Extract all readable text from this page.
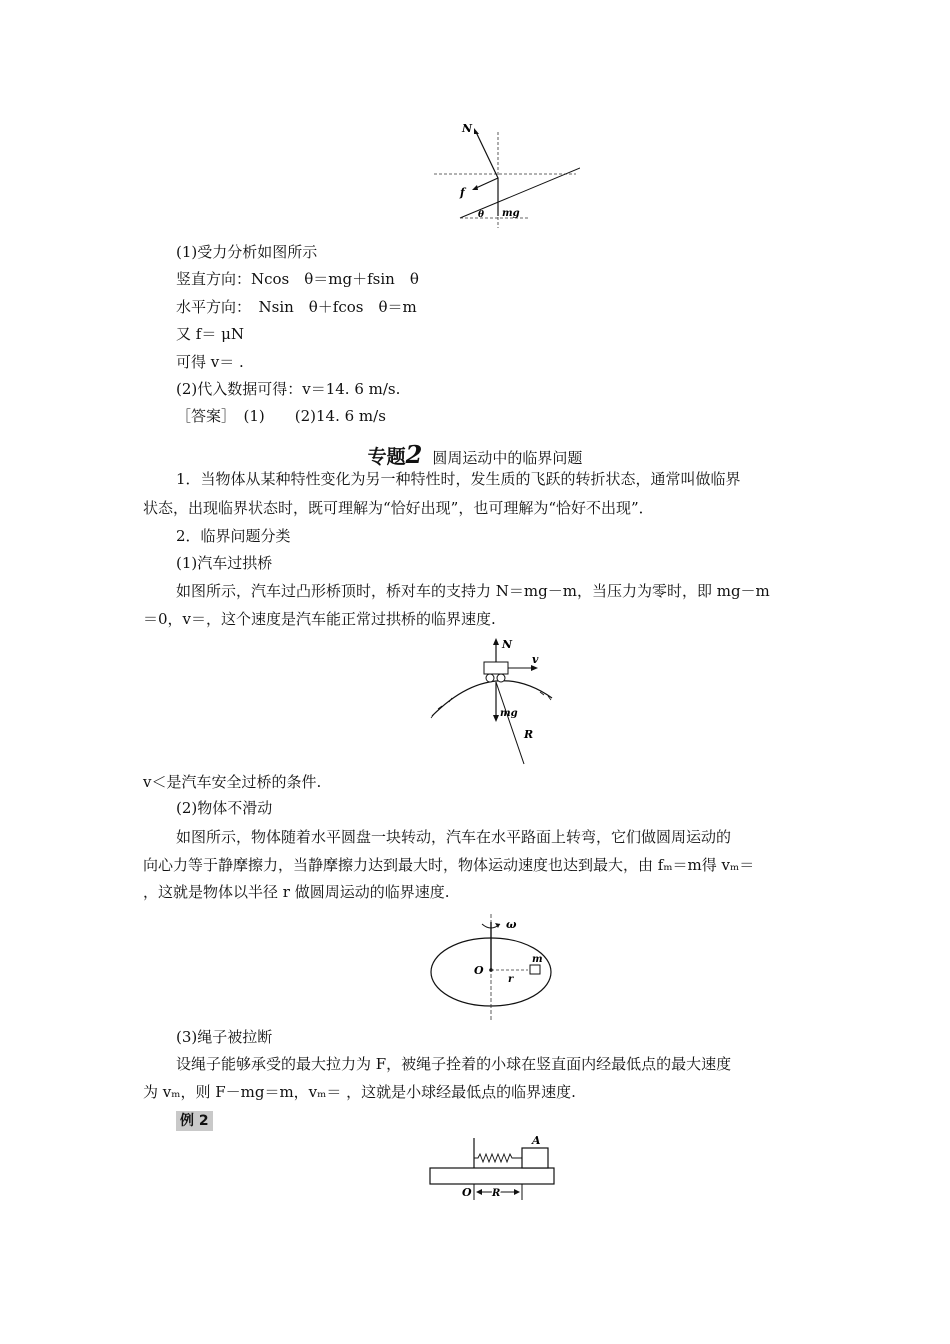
N
f
mg
θ
(1)受力分析如图所示
竖直方向：Ncos　θ＝mg＋fsin　θ
水平方向：　Nsin　θ＋fcos　θ＝m
又 f＝ μN
可得 v＝ .
(2)代入数据可得：v＝14. 6 m/s.
［答案］　(1)　　(2)14. 6 m/s
专题2 圆周运动中的临界问题
1．当物体从某种特性变化为另一种特性时，发生质的飞跃的转折状态，通常叫做临界
状态，出现临界状态时，既可理解为“恰好出现”，也可理解为“恰好不出现”．
2．临界问题分类
(1)汽车过拱桥
如图所示，汽车过凸形桥顶时，桥对车的支持力 N＝mg－m，当压力为零时，即 mg－m
＝0，v＝，这个速度是汽车能正常过拱桥的临界速度.
N
v
mg
R
v＜是汽车安全过桥的条件.
(2)物体不滑动
如图所示，物体随着水平圆盘一块转动，汽车在水平路面上转弯，它们做圆周运动的
向心力等于静摩擦力，当静摩擦力达到最大时，物体运动速度也达到最大，由 fₘ＝m得 vₘ＝
，这就是物体以半径 r 做圆周运动的临界速度.
ω
O
m
r
(3)绳子被拉断
设绳子能够承受的最大拉力为 F，被绳子拴着的小球在竖直面内经最低点的最大速度
为 vₘ，则 F－mg＝m，vₘ＝ ，这就是小球经最低点的临界速度.
例 2
A
O R
